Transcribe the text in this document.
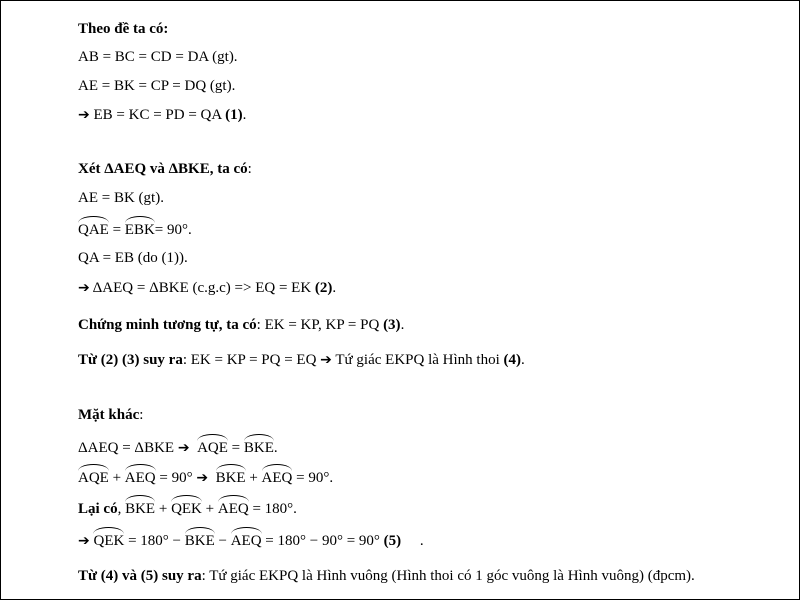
Theo đề ta có:
AB = BC = CD = DA (gt).
AE = BK = CP = DQ (gt).
➔ EB = KC = PD = QA (1).
Xét ΔAEQ và ΔBKE, ta có:
AE = BK (gt).
QAE = EBK= 90°.
QA = EB (do (1)).
➔ ΔAEQ = ΔBKE (c.g.c) => EQ = EK (2).
Chứng minh tương tự, ta có: EK = KP, KP = PQ (3).
Từ (2) (3) suy ra: EK = KP = PQ = EQ ➔ Tứ giác EKPQ là Hình thoi (4).
Mặt khác:
ΔAEQ = ΔBKE ➔ AQE = BKE.
AQE + AEQ = 90° ➔ BKE + AEQ = 90°.
Lại có, BKE + QEK + AEQ = 180°.
➔ QEK = 180° − BKE − AEQ = 180° − 90° = 90° (5)     .
Từ (4) và (5) suy ra: Tứ giác EKPQ là Hình vuông (Hình thoi có 1 góc vuông là Hình vuông) (đpcm).
